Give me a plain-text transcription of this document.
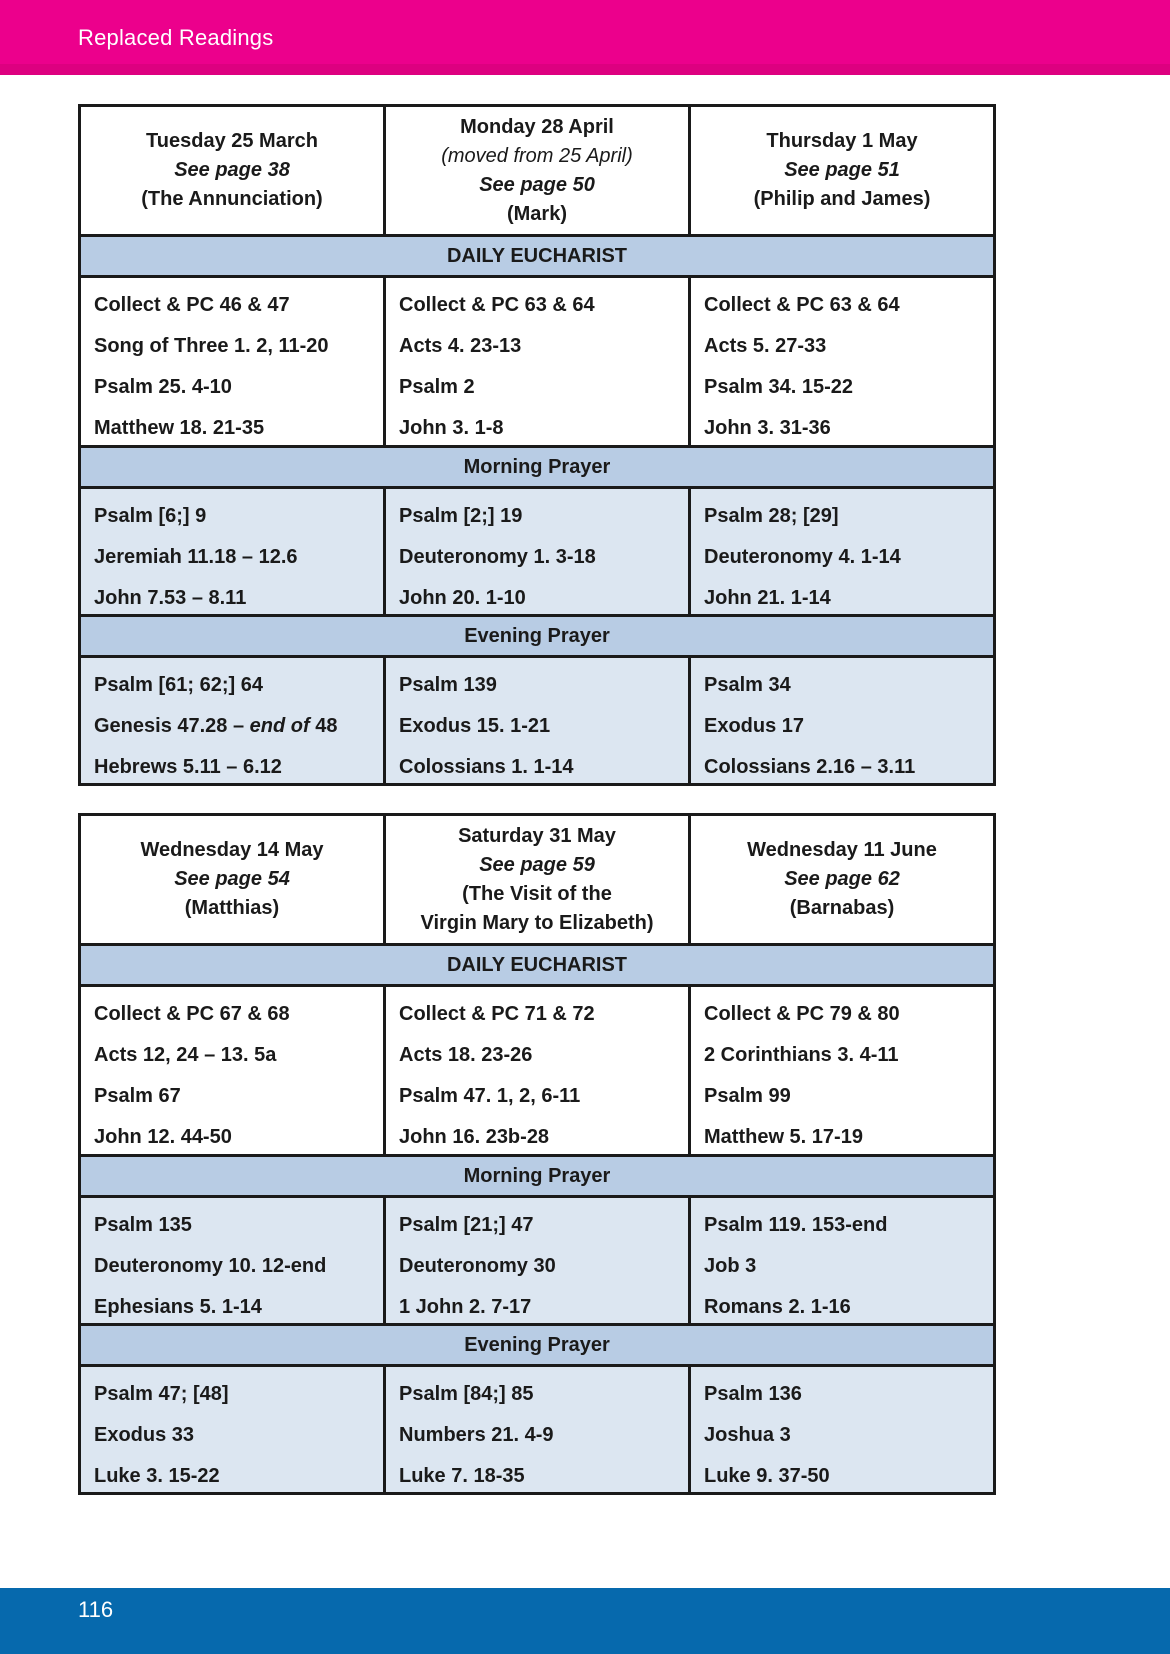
Replaced Readings
Tuesday 25 March
See page 38
(The Annunciation)
Monday 28 April
(moved from 25 April)
See page 50
(Mark)
Thursday 1 May
See page 51
(Philip and James)
DAILY EUCHARIST

Collect & PC 46 & 47

Song of Three 1. 2, 11-20

Psalm 25. 4-10

Matthew 18. 21-35

Collect & PC 63 & 64

Acts 4. 23-13

Psalm 2

John 3. 1-8

Collect & PC 63 & 64

Acts 5. 27-33

Psalm 34. 15-22

John 3. 31-36

Morning Prayer

Psalm [6;] 9

Jeremiah 11.18 – 12.6

John 7.53 – 8.11

Psalm [2;] 19

Deuteronomy 1. 3-18

John 20. 1-10

Psalm 28; [29]

Deuteronomy 4. 1-14

John 21. 1-14

Evening Prayer

Psalm [61; 62;] 64

Genesis 47.28 – end of 48

Hebrews 5.11 – 6.12

Psalm 139

Exodus 15. 1-21

Colossians 1. 1-14

Psalm 34

Exodus 17

Colossians 2.16 – 3.11

Wednesday 14 May
See page 54
(Matthias)
Saturday 31 May
See page 59
(The Visit of the
Virgin Mary to Elizabeth)
Wednesday 11 June
See page 62
(Barnabas)
DAILY EUCHARIST

Collect & PC 67 & 68

Acts 12, 24 – 13. 5a

Psalm 67

John 12. 44-50

Collect & PC 71 & 72

Acts 18. 23-26

Psalm 47. 1, 2, 6-11

John 16. 23b-28

Collect & PC 79 & 80

2 Corinthians 3. 4-11

Psalm 99

Matthew 5. 17-19

Morning Prayer

Psalm 135

Deuteronomy 10. 12-end

Ephesians 5. 1-14

Psalm [21;] 47

Deuteronomy 30

1 John 2. 7-17

Psalm 119. 153-end

Job 3

Romans 2. 1-16

Evening Prayer

Psalm 47; [48]

Exodus 33

Luke 3. 15-22

Psalm [84;] 85

Numbers 21. 4-9

Luke 7. 18-35

Psalm 136

Joshua 3

Luke 9. 37-50

116
